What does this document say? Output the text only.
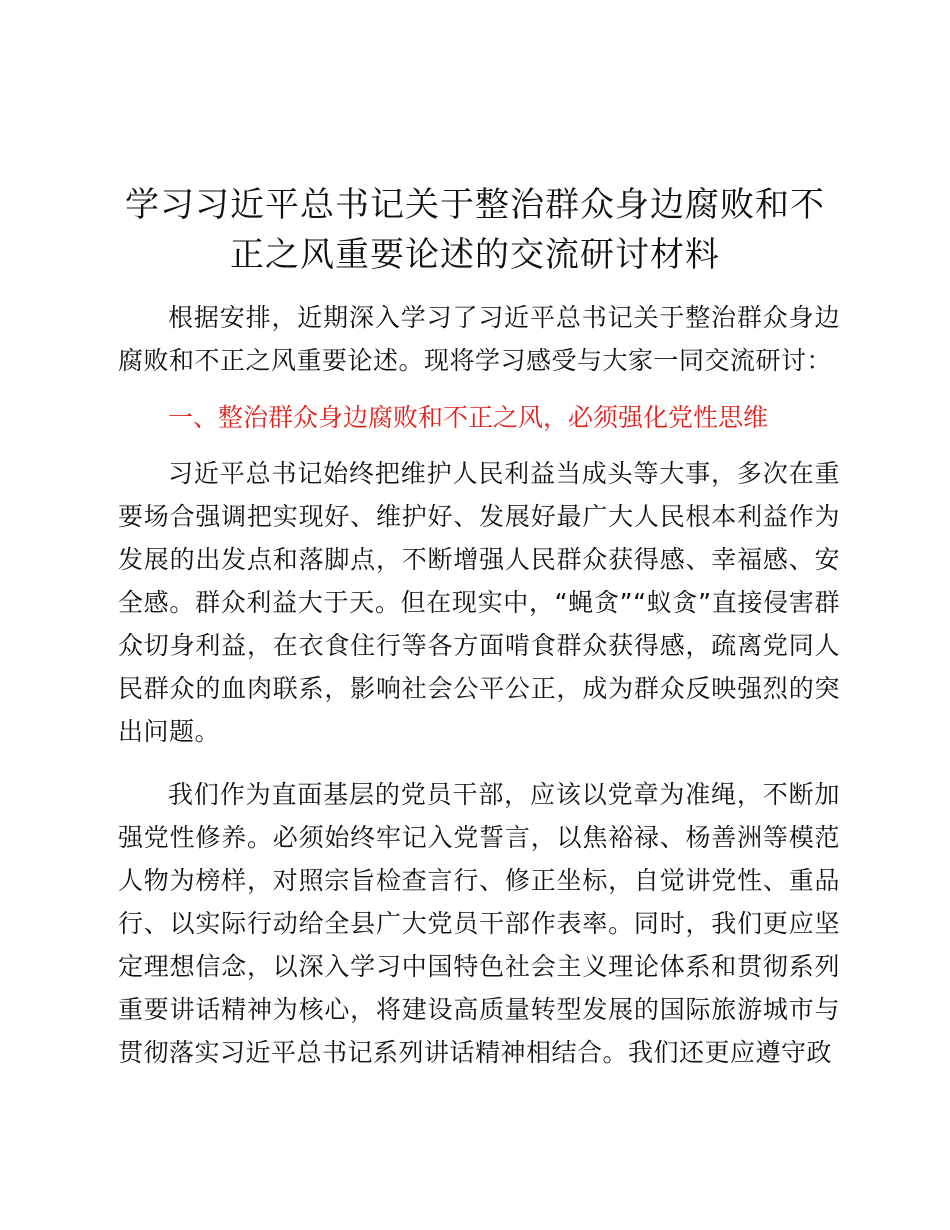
学习习近平总书记关于整治群众身边腐败和不正之风重要论述的交流研讨材料

根据安排，近期深入学习了习近平总书记关于整治群众身边腐败和不正之风重要论述。现将学习感受与大家一同交流研讨：

一、整治群众身边腐败和不正之风，必须强化党性思维

习近平总书记始终把维护人民利益当成头等大事，多次在重要场合强调把实现好、维护好、发展好最广大人民根本利益作为发展的出发点和落脚点，不断增强人民群众获得感、幸福感、安全感。群众利益大于天。但在现实中，“蝇贪”“蚁贪”直接侵害群众切身利益，在衣食住行等各方面啃食群众获得感，疏离党同人民群众的血肉联系，影响社会公平公正，成为群众反映强烈的突出问题。

我们作为直面基层的党员干部，应该以党章为准绳，不断加强党性修养。必须始终牢记入党誓言，以焦裕禄、杨善洲等模范人物为榜样，对照宗旨检查言行、修正坐标，自觉讲党性、重品行、以实际行动给全县广大党员干部作表率。同时，我们更应坚定理想信念，以深入学习中国特色社会主义理论体系和贯彻系列重要讲话精神为核心，将建设高质量转型发展的国际旅游城市与贯彻落实习近平总书记系列讲话精神相结合。我们还更应遵守政
